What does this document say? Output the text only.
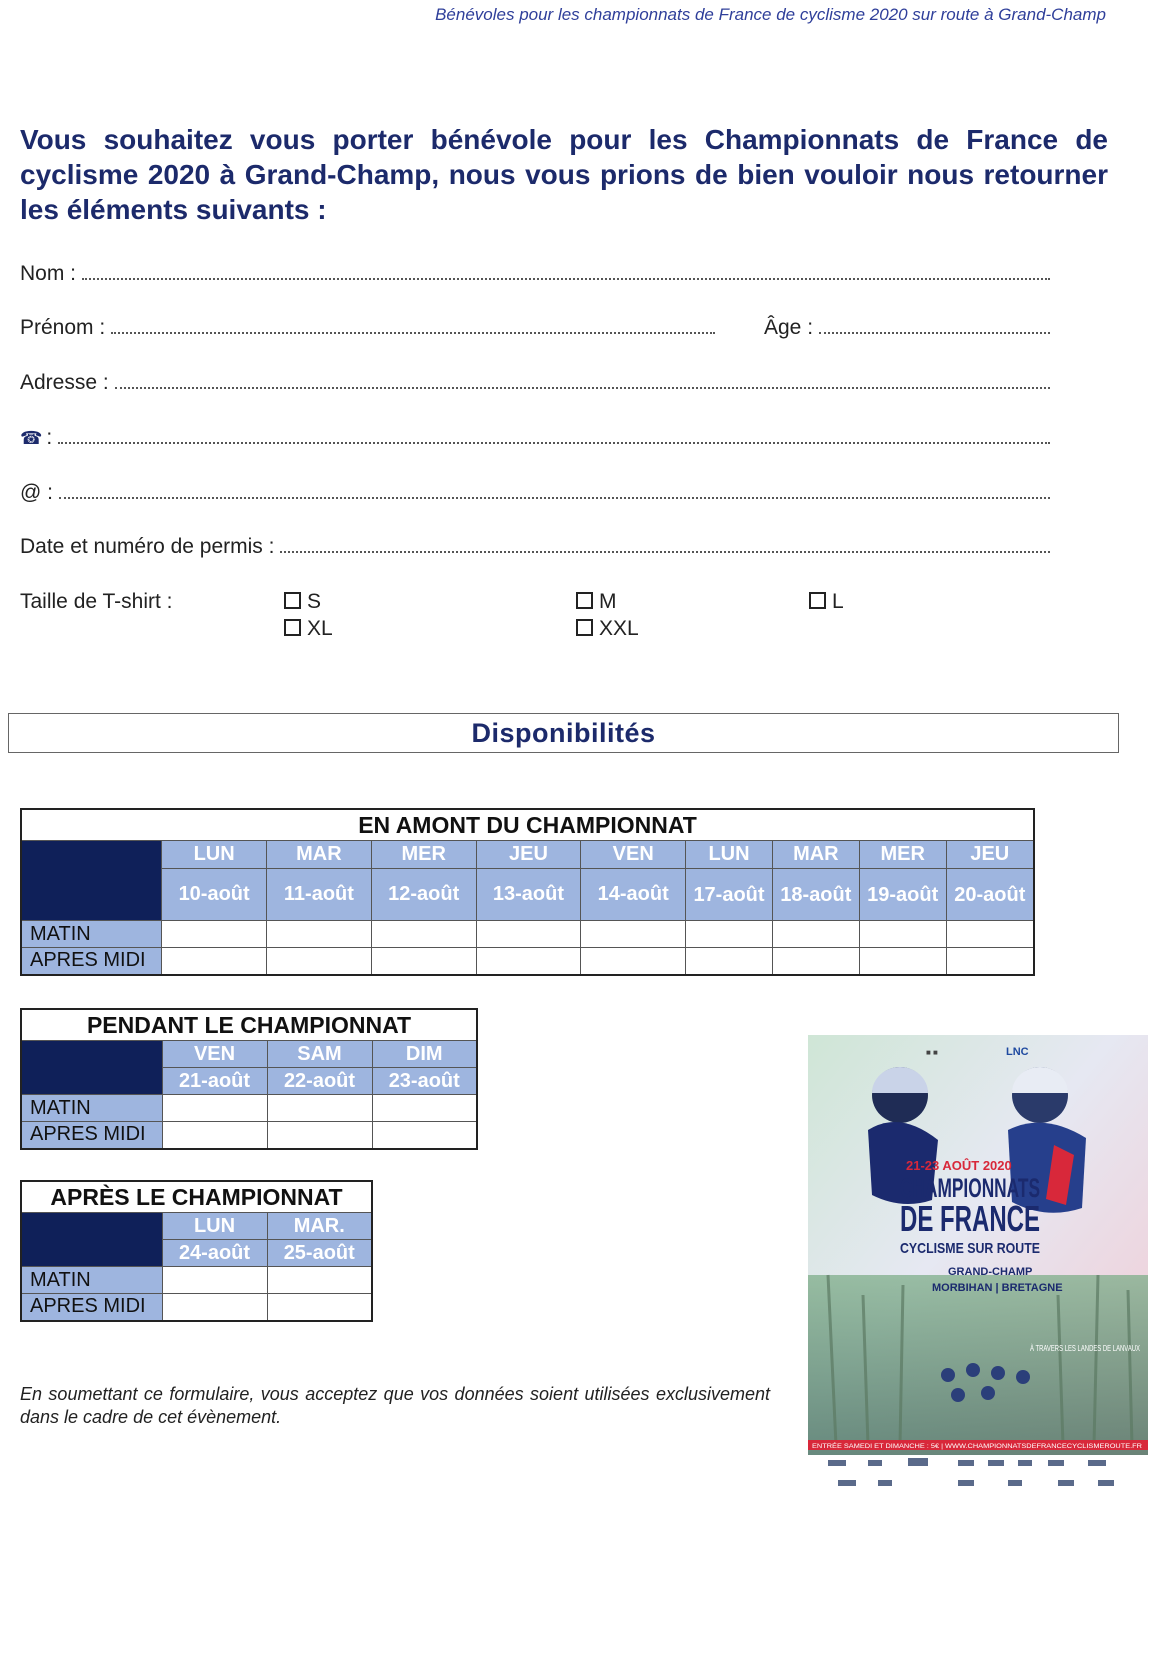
Bénévoles pour les championnats de France de cyclisme 2020 sur route à Grand-Champ
Vous souhaitez vous porter bénévole pour les Championnats de France de cyclisme 2020 à Grand-Champ, nous vous prions de bien vouloir nous retourner les éléments suivants :
Nom :
Prénom :	Âge :
Adresse :
☎ :
@ :
Date et numéro de permis :
Taille de T-shirt :	S	M	L
XL	XXL
Disponibilités
EN AMONT DU CHAMPIONNAT									
	LUN	MAR	MER	JEU	VEN	LUN	MAR	MER	JEU
	10-août	11-août	12-août	13-août	14-août	17-août	18-août	19-août	20-août
MATIN									
APRES MIDI									
PENDANT LE CHAMPIONNAT			
	VEN	SAM	DIM
	21-août	22-août	23-août
MATIN			
APRES MIDI			
APRÈS LE CHAMPIONNAT		
	LUN	MAR.
	24-août	25-août
MATIN		
APRES MIDI		
En soumettant ce formulaire, vous acceptez que vos données soient utilisées exclusivement dans le cadre de cet évènement.
■ ■	LNC
21-23 AOÛT 2020
CHAMPIONNATS
DE FRANCE
CYCLISME SUR ROUTE
GRAND-CHAMP
MORBIHAN | BRETAGNE
À TRAVERS LES LANDES DE LANVAUX
ENTRÉE SAMEDI ET DIMANCHE : 5€ | WWW.CHAMPIONNATSDEFRANCECYCLISMEROUTE.FR
